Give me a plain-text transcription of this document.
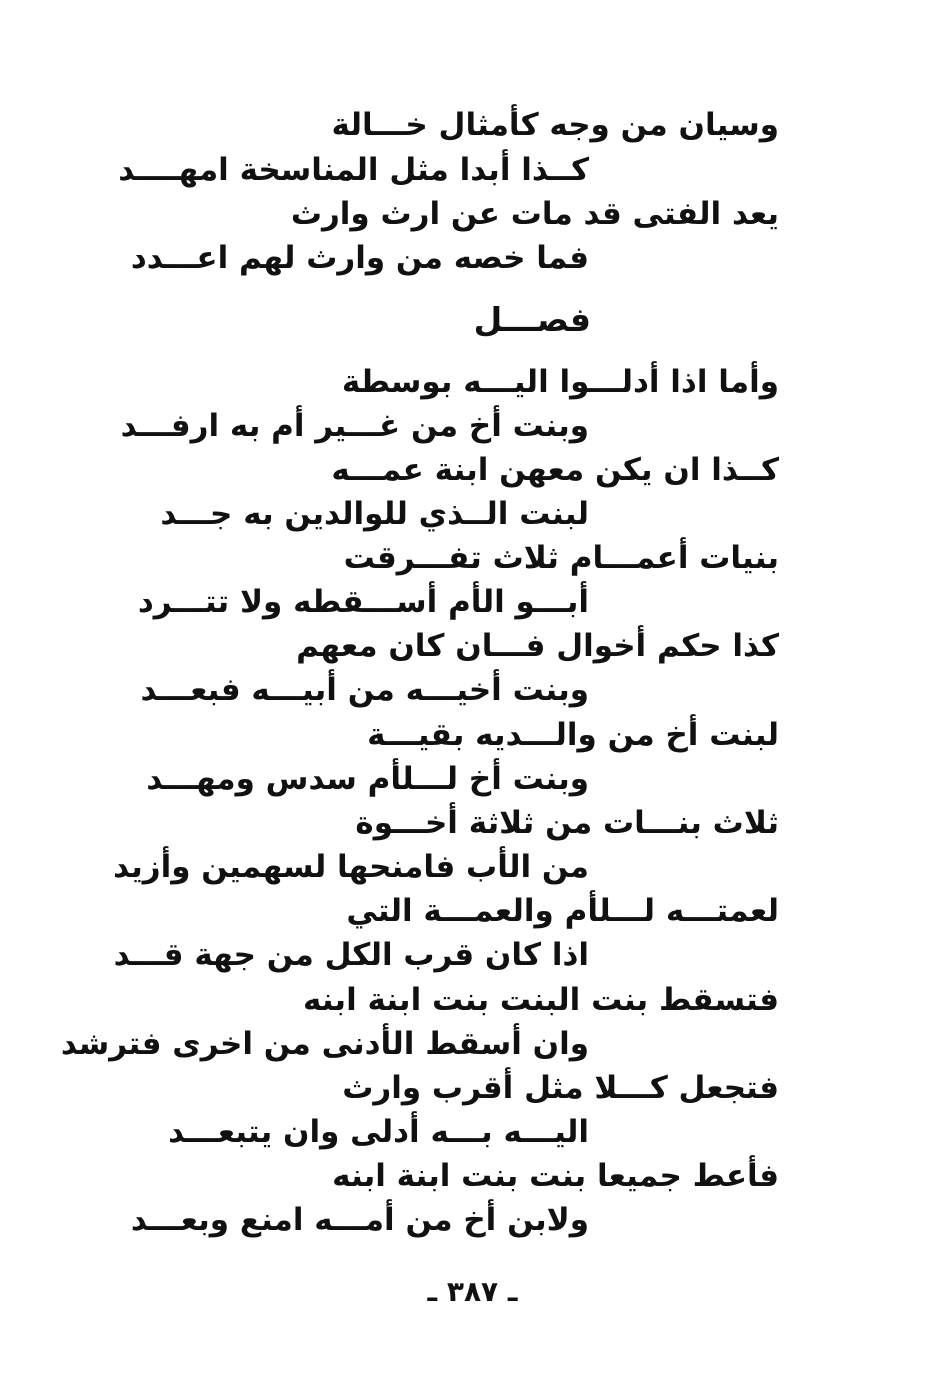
وسيان من وجه كأمثال خـــالة
كــذا أبدا مثل المناسخة امهــــد
يعد الفتى قد مات عن ارث وارث
فما خصه من وارث لهم اعـــدد
فصـــل
وأما اذا أدلـــوا اليـــه بوسطة
وبنت أخ من غـــير أم به ارفـــد
كــذا ان يكن معهن ابنة عمـــه
لبنت الــذي للوالدين به جـــد
بنيات أعمـــام ثلاث تفـــرقت
أبـــو الأم أســـقطه ولا تتـــرد
كذا حكم أخوال فـــان كان معهم
وبنت أخيـــه من أبيـــه فبعـــد
لبنت أخ من والـــديه بقيـــة
وبنت أخ لـــلأم سدس ومهـــد
ثلاث بنـــات من ثلاثة أخـــوة
من الأب فامنحها لسهمين وأزيد
لعمتـــه لـــلأم والعمـــة التي
اذا كان قرب الكل من جهة قـــد
فتسقط بنت البنت بنت ابنة ابنه
وان أسقط الأدنى من اخرى فترشد
فتجعل كـــلا مثل أقرب وارث
اليـــه بـــه أدلى وان يتبعـــد
فأعط جميعا بنت بنت ابنة ابنه
ولابن أخ من أمـــه امنع وبعـــد
ـ ٣٨٧ ـ
